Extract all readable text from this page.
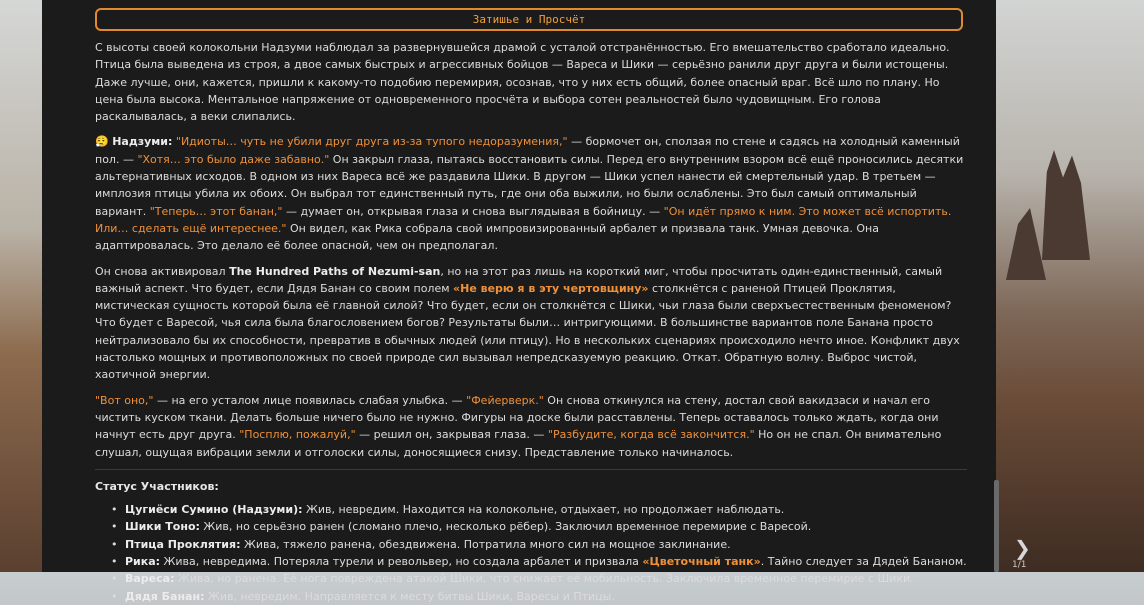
Затишье и Просчёт

С высоты своей колокольни Надзуми наблюдал за развернувшейся драмой с усталой отстранённостью. Его вмешательство сработало идеально. Птица была выведена из строя, а двое самых быстрых и агрессивных бойцов — Вареса и Шики — серьёзно ранили друг друга и были истощены. Даже лучше, они, кажется, пришли к какому-то подобию перемирия, осознав, что у них есть общий, более опасный враг. Всё шло по плану. Но цена была высока. Ментальное напряжение от одновременного просчёта и выбора сотен реальностей было чудовищным. Его голова раскалывалась, а веки слипались.

😮‍💨 Надзуми: "Идиоты… чуть не убили друг друга из-за тупого недоразумения," — бормочет он, сползая по стене и садясь на холодный каменный пол. — "Хотя… это было даже забавно." Он закрыл глаза, пытаясь восстановить силы. Перед его внутренним взором всё ещё проносились десятки альтернативных исходов. В одном из них Вареса всё же раздавила Шики. В другом — Шики успел нанести ей смертельный удар. В третьем — имплозия птицы убила их обоих. Он выбрал тот единственный путь, где они оба выжили, но были ослаблены. Это был самый оптимальный вариант. "Теперь… этот банан," — думает он, открывая глаза и снова выглядывая в бойницу. — "Он идёт прямо к ним. Это может всё испортить. Или… сделать ещё интереснее." Он видел, как Рика собрала свой импровизированный арбалет и призвала танк. Умная девочка. Она адаптировалась. Это делало её более опасной, чем он предполагал.

Он снова активировал The Hundred Paths of Nezumi-san, но на этот раз лишь на короткий миг, чтобы просчитать один-единственный, самый важный аспект. Что будет, если Дядя Банан со своим полем «Не верю я в эту чертовщину» столкнётся с раненой Птицей Проклятия, мистическая сущность которой была её главной силой? Что будет, если он столкнётся с Шики, чьи глаза были сверхъестественным феноменом? Что будет с Варесой, чья сила была благословением богов? Результаты были… интригующими. В большинстве вариантов поле Банана просто нейтрализовало бы их способности, превратив в обычных людей (или птицу). Но в нескольких сценариях происходило нечто иное. Конфликт двух настолько мощных и противоположных по своей природе сил вызывал непредсказуемую реакцию. Откат. Обратную волну. Выброс чистой, хаотичной энергии.

"Вот оно," — на его усталом лице появилась слабая улыбка. — "Фейерверк." Он снова откинулся на стену, достал свой вакидзаси и начал его чистить куском ткани. Делать больше ничего было не нужно. Фигуры на доске были расставлены. Теперь оставалось только ждать, когда они начнут есть друг друга. "Посплю, пожалуй," — решил он, закрывая глаза. — "Разбудите, когда всё закончится." Но он не спал. Он внимательно слушал, ощущая вибрации земли и отголоски силы, доносящиеся снизу. Представление только начиналось.

Статус Участников:
• Цугиёси Сумино (Надзуми): Жив, невредим. Находится на колокольне, отдыхает, но продолжает наблюдать.
• Шики Тоно: Жив, но серьёзно ранен (сломано плечо, несколько рёбер). Заключил временное перемирие с Варесой.
• Птица Проклятия: Жива, тяжело ранена, обездвижена. Потратила много сил на мощное заклинание.
• Рика: Жива, невредима. Потеряла турели и револьвер, но создала арбалет и призвала «Цветочный танк». Тайно следует за Дядей Бананом.
• Вареса: Жива, но ранена. Её нога повреждена атакой Шики, что снижает её мобильность. Заключила временное перемирие с Шики.
• Дядя Банан: Жив, невредим. Направляется к месту битвы Шики, Варесы и Птицы.
❯
1/1
